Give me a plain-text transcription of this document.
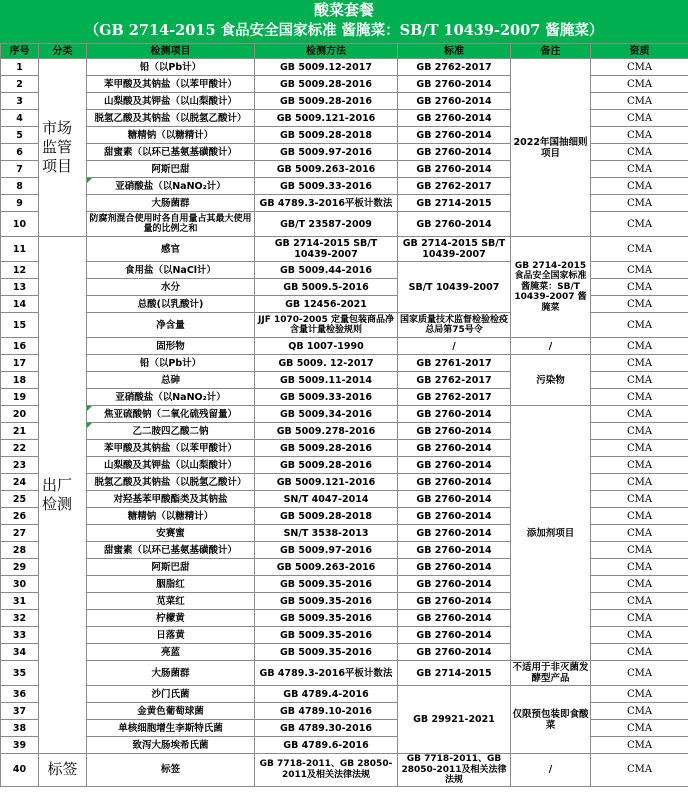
酸菜套餐
（GB 2714-2015 食品安全国家标准 酱腌菜：SB/T 10439-2007 酱腌菜）
序号	分类	检测项目	检测方法	标准	备注	资质
1	市场监管项目	铅（以Pb计）	GB 5009.12-2017	GB 2762-2017	2022年国抽细则项目	CMA
2		苯甲酸及其钠盐（以苯甲酸计）	GB 5009.28-2016	GB 2760-2014		CMA
3		山梨酸及其钾盐（以山梨酸计）	GB 5009.28-2016	GB 2760-2014		CMA
4		脱氢乙酸及其钠盐（以脱氢乙酸计）	GB 5009.121-2016	GB 2760-2014		CMA
5		糖精钠（以糖精计）	GB 5009.28-2018	GB 2760-2014		CMA
6		甜蜜素（以环已基氨基磺酸计）	GB 5009.97-2016	GB 2760-2014		CMA
7		阿斯巴甜	GB 5009.263-2016	GB 2760-2014		CMA
8		亚硝酸盐（以NaNO₂计）	GB 5009.33-2016	GB 2762-2017		CMA
9		大肠菌群	GB 4789.3-2016平板计数法	GB 2714-2015		CMA
10		防腐剂混合使用时各自用量占其最大使用量的比例之和	GB/T 23587-2009	GB 2760-2014		CMA
11	出厂检测	感官	GB 2714-2015 SB/T 10439-2007	GB 2714-2015 SB/T 10439-2007	GB 2714-2015 食品安全国家标准 酱腌菜：SB/T 10439-2007 酱腌菜	CMA
12		食用盐（以NaCl计）	GB 5009.44-2016	SB/T 10439-2007		CMA
13		水分	GB 5009.5-2016			CMA
14		总酸(以乳酸计)	GB 12456-2021			CMA
15		净含量	JJF 1070-2005 定量包装商品净含量计量检验规则	国家质量技术监督检验检疫总局第75号令		CMA
16		固形物	QB 1007-1990	/	/	CMA
17		铅（以Pb计）	GB 5009. 12-2017	GB 2761-2017	污染物	CMA
18		总砷	GB 5009.11-2014	GB 2762-2017		CMA
19		亚硝酸盐（以NaNO₂计）	GB 5009.33-2016	GB 2762-2017		CMA
20		焦亚硫酸钠（二氧化硫残留量）	GB 5009.34-2016	GB 2760-2014	添加剂项目	CMA
21		乙二胺四乙酸二钠	GB 5009.278-2016	GB 2760-2014		CMA
22		苯甲酸及其钠盐（以苯甲酸计）	GB 5009.28-2016	GB 2760-2014		CMA
23		山梨酸及其钾盐（以山梨酸计）	GB 5009.28-2016	GB 2760-2014		CMA
24		脱氢乙酸及其钠盐（以脱氢乙酸计）	GB 5009.121-2016	GB 2760-2014		CMA
25		对羟基苯甲酸酯类及其钠盐	SN/T 4047-2014	GB 2760-2014		CMA
26		糖精钠（以糖精计）	GB 5009.28-2018	GB 2760-2014		CMA
27		安赛蜜	SN/T 3538-2013	GB 2760-2014		CMA
28		甜蜜素（以环已基氨基磺酸计）	GB 5009.97-2016	GB 2760-2014		CMA
29		阿斯巴甜	GB 5009.263-2016	GB 2760-2014		CMA
30		胭脂红	GB 5009.35-2016	GB 2760-2014		CMA
31		苋菜红	GB 5009.35-2016	GB 2760-2014		CMA
32		柠檬黄	GB 5009.35-2016	GB 2760-2014		CMA
33		日落黄	GB 5009.35-2016	GB 2760-2014		CMA
34		亮蓝	GB 5009.35-2016	GB 2760-2014		CMA
35		大肠菌群	GB 4789.3-2016平板计数法	GB 2714-2015	不适用于非灭菌发酵型产品	CMA
36		沙门氏菌	GB 4789.4-2016	GB 29921-2021	仅限预包装即食酸菜	CMA
37		金黄色葡萄球菌	GB 4789.10-2016			CMA
38		单核细胞增生李斯特氏菌	GB 4789.30-2016			CMA
39		致泻大肠埃希氏菌	GB 4789.6-2016			CMA
40	标签	标签	GB 7718-2011、GB 28050-2011及相关法律法规	GB 7718-2011、GB 28050-2011及相关法律法规	/	CMA
